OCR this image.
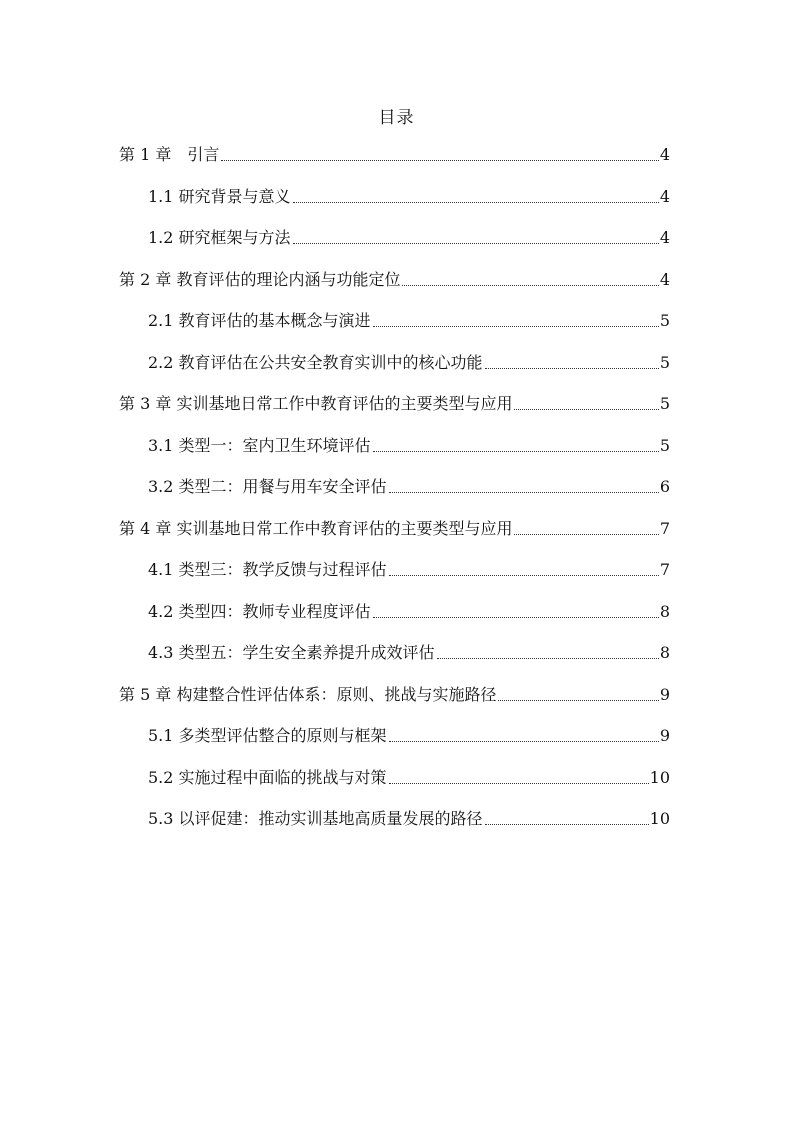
目录
第 1 章　引言	4
1.1 研究背景与意义	4
1.2 研究框架与方法	4
第 2 章 教育评估的理论内涵与功能定位	4
2.1 教育评估的基本概念与演进	5
2.2 教育评估在公共安全教育实训中的核心功能	5
第 3 章 实训基地日常工作中教育评估的主要类型与应用	5
3.1 类型一：室内卫生环境评估	5
3.2 类型二：用餐与用车安全评估	6
第 4 章 实训基地日常工作中教育评估的主要类型与应用	7
4.1 类型三：教学反馈与过程评估	7
4.2 类型四：教师专业程度评估	8
4.3 类型五：学生安全素养提升成效评估	8
第 5 章 构建整合性评估体系：原则、挑战与实施路径	9
5.1 多类型评估整合的原则与框架	9
5.2 实施过程中面临的挑战与对策	10
5.3 以评促建：推动实训基地高质量发展的路径	10
